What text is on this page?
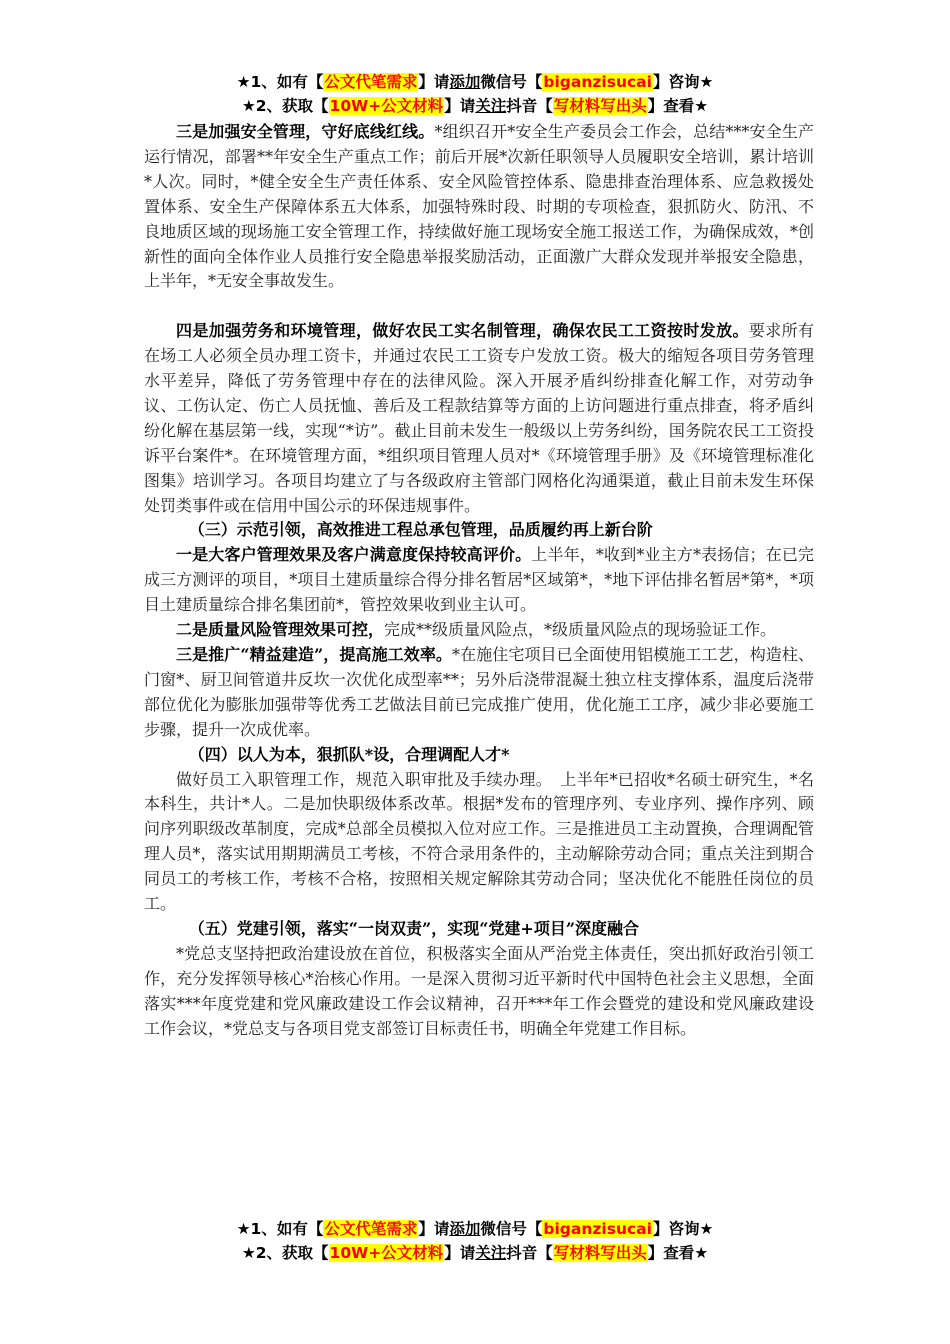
★1、如有【公文代笔需求】请添加微信号【biganzisucai】咨询★
★2、获取【10W+公文材料】请关注抖音【写材料写出头】查看★

三是加强安全管理，守好底线红线。*组织召开*安全生产委员会工作会，总结***安全生产运行情况，部署**年安全生产重点工作；前后开展*次新任职领导人员履职安全培训，累计培训*人次。同时，*健全安全生产责任体系、安全风险管控体系、隐患排查治理体系、应急救援处置体系、安全生产保障体系五大体系，加强特殊时段、时期的专项检查，狠抓防火、防汛、不良地质区域的现场施工安全管理工作，持续做好施工现场安全施工报送工作，为确保成效，*创新性的面向全体作业人员推行安全隐患举报奖励活动，正面激广大群众发现并举报安全隐患，上半年，*无安全事故发生。

四是加强劳务和环境管理，做好农民工实名制管理，确保农民工工资按时发放。要求所有在场工人必须全员办理工资卡，并通过农民工工资专户发放工资。极大的缩短各项目劳务管理水平差异，降低了劳务管理中存在的法律风险。深入开展矛盾纠纷排查化解工作，对劳动争议、工伤认定、伤亡人员抚恤、善后及工程款结算等方面的上访问题进行重点排查，将矛盾纠纷化解在基层第一线，实现“*访”。截止目前未发生一般级以上劳务纠纷，国务院农民工工资投诉平台案件*。在环境管理方面，*组织项目管理人员对*《环境管理手册》及《环境管理标准化图集》培训学习。各项目均建立了与各级政府主管部门网格化沟通渠道，截止目前未发生环保处罚类事件或在信用中国公示的环保违规事件。

（三）示范引领，高效推进工程总承包管理，品质履约再上新台阶

一是大客户管理效果及客户满意度保持较高评价。上半年，*收到*业主方*表扬信；在已完成三方测评的项目，*项目土建质量综合得分排名暂居*区域第*，*地下评估排名暂居*第*，*项目土建质量综合排名集团前*，管控效果收到业主认可。

二是质量风险管理效果可控，完成**级质量风险点，*级质量风险点的现场验证工作。

三是推广“精益建造”，提高施工效率。*在施住宅项目已全面使用铝模施工工艺，构造柱、门窗*、厨卫间管道井反坎一次优化成型率**；另外后浇带混凝土独立柱支撑体系，温度后浇带部位优化为膨胀加强带等优秀工艺做法目前已完成推广使用，优化施工工序，减少非必要施工步骤，提升一次成优率。

（四）以人为本，狠抓队*设，合理调配人才*

做好员工入职管理工作，规范入职审批及手续办理。　上半年*已招收*名硕士研究生，*名本科生，共计*人。二是加快职级体系改革。根据*发布的管理序列、专业序列、操作序列、顾问序列职级改革制度，完成*总部全员模拟入位对应工作。三是推进员工主动置换，合理调配管理人员*，落实试用期期满员工考核，不符合录用条件的，主动解除劳动合同；重点关注到期合同员工的考核工作，考核不合格，按照相关规定解除其劳动合同；坚决优化不能胜任岗位的员工。

（五）党建引领，落实“一岗双责”，实现“党建+项目”深度融合

*党总支坚持把政治建设放在首位，积极落实全面从严治党主体责任，突出抓好政治引领工作，充分发挥领导核心*治核心作用。一是深入贯彻习近平新时代中国特色社会主义思想，全面落实***年度党建和党风廉政建设工作会议精神，召开***年工作会暨党的建设和党风廉政建设工作会议，*党总支与各项目党支部签订目标责任书，明确全年党建工作目标。

★1、如有【公文代笔需求】请添加微信号【biganzisucai】咨询★
★2、获取【10W+公文材料】请关注抖音【写材料写出头】查看★
